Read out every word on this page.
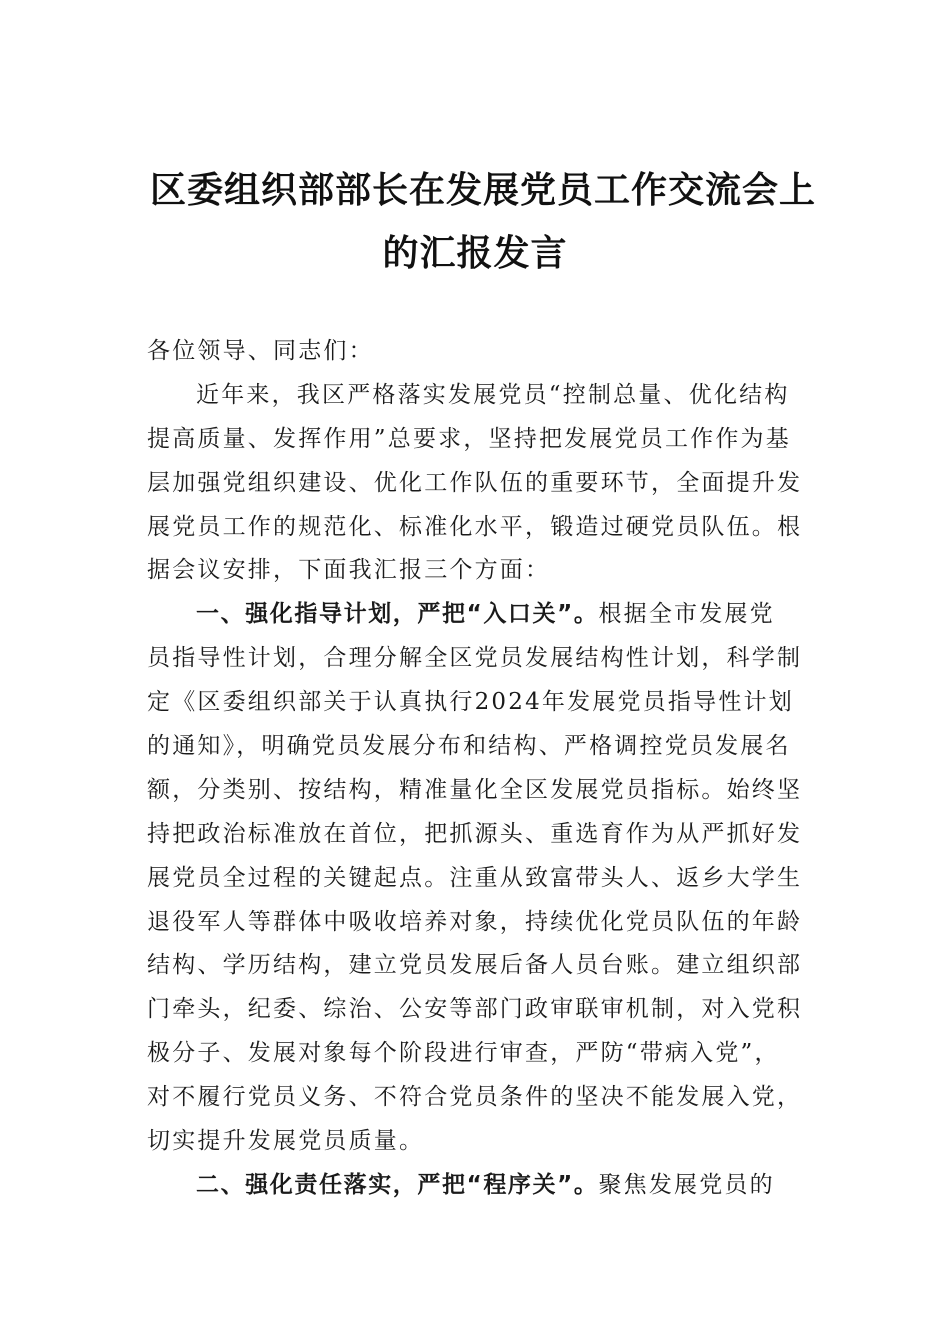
区委组织部部长在发展党员工作交流会上
的汇报发言
各位领导、同志们：
近年来，我区严格落实发展党员“控制总量、优化结构
提高质量、发挥作用”总要求，坚持把发展党员工作作为基
层加强党组织建设、优化工作队伍的重要环节，全面提升发
展党员工作的规范化、标准化水平，锻造过硬党员队伍。根
据会议安排，下面我汇报三个方面：
一、强化指导计划，严把“入口关”。根据全市发展党
员指导性计划，合理分解全区党员发展结构性计划，科学制
定《区委组织部关于认真执行2024年发展党员指导性计划
的通知》，明确党员发展分布和结构、严格调控党员发展名
额，分类别、按结构，精准量化全区发展党员指标。始终坚
持把政治标准放在首位，把抓源头、重选育作为从严抓好发
展党员全过程的关键起点。注重从致富带头人、返乡大学生
退役军人等群体中吸收培养对象，持续优化党员队伍的年龄
结构、学历结构，建立党员发展后备人员台账。建立组织部
门牵头，纪委、综治、公安等部门政审联审机制，对入党积
极分子、发展对象每个阶段进行审查，严防“带病入党”，
对不履行党员义务、不符合党员条件的坚决不能发展入党，
切实提升发展党员质量。
二、强化责任落实，严把“程序关”。聚焦发展党员的
